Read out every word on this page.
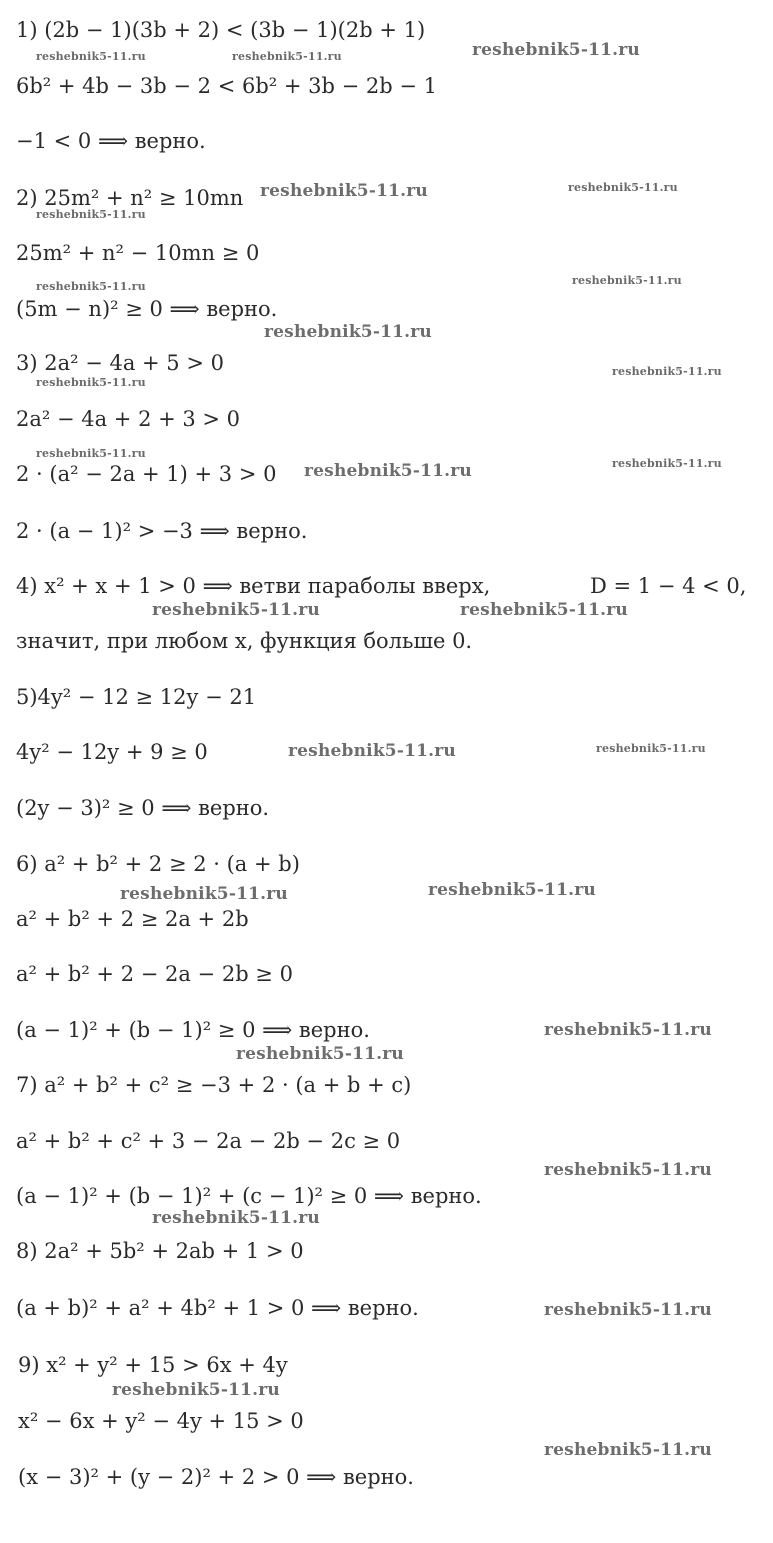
1) (2b − 1)(3b + 2) < (3b − 1)(2b + 1)
6b² + 4b − 3b − 2 < 6b² + 3b − 2b − 1
−1 < 0 ⟹ верно.
2) 25m² + n² ≥ 10mn
25m² + n² − 10mn ≥ 0
(5m − n)² ≥ 0 ⟹ верно.
3) 2a² − 4a + 5 > 0
2a² − 4a + 2 + 3 > 0
2 · (a² − 2a + 1) + 3 > 0
2 · (a − 1)² > −3 ⟹ верно.
4) x² + x + 1 > 0 ⟹ ветви параболы вверх,	D = 1 − 4 < 0,
значит, при любом x, функция больше 0.
5)4y² − 12 ≥ 12y − 21
4y² − 12y + 9 ≥ 0
(2y − 3)² ≥ 0 ⟹ верно.
6) a² + b² + 2 ≥ 2 · (a + b)
a² + b² + 2 ≥ 2a + 2b
a² + b² + 2 − 2a − 2b ≥ 0
(a − 1)² + (b − 1)² ≥ 0 ⟹ верно.
7) a² + b² + c² ≥ −3 + 2 · (a + b + c)
a² + b² + c² + 3 − 2a − 2b − 2c ≥ 0
(a − 1)² + (b − 1)² + (c − 1)² ≥ 0 ⟹ верно.
8) 2a² + 5b² + 2ab + 1 > 0
(a + b)² + a² + 4b² + 1 > 0 ⟹ верно.
9) x² + y² + 15 > 6x + 4y
x² − 6x + y² − 4y + 15 > 0
(x − 3)² + (y − 2)² + 2 > 0 ⟹ верно.
reshebnik5-11.ru
reshebnik5-11.ru
reshebnik5-11.ru
reshebnik5-11.ru
reshebnik5-11.ru	reshebnik5-11.ru
reshebnik5-11.ru
reshebnik5-11.ru
reshebnik5-11.ru
reshebnik5-11.ru
reshebnik5-11.ru
reshebnik5-11.ru
reshebnik5-11.ru
reshebnik5-11.ru
reshebnik5-11.ru
reshebnik5-11.ru
reshebnik5-11.ru	reshebnik5-11.ru
reshebnik5-11.ru
reshebnik5-11.ru
reshebnik5-11.ru
reshebnik5-11.ru
reshebnik5-11.ru
reshebnik5-11.ru
reshebnik5-11.ru
reshebnik5-11.ru
reshebnik5-11.ru
